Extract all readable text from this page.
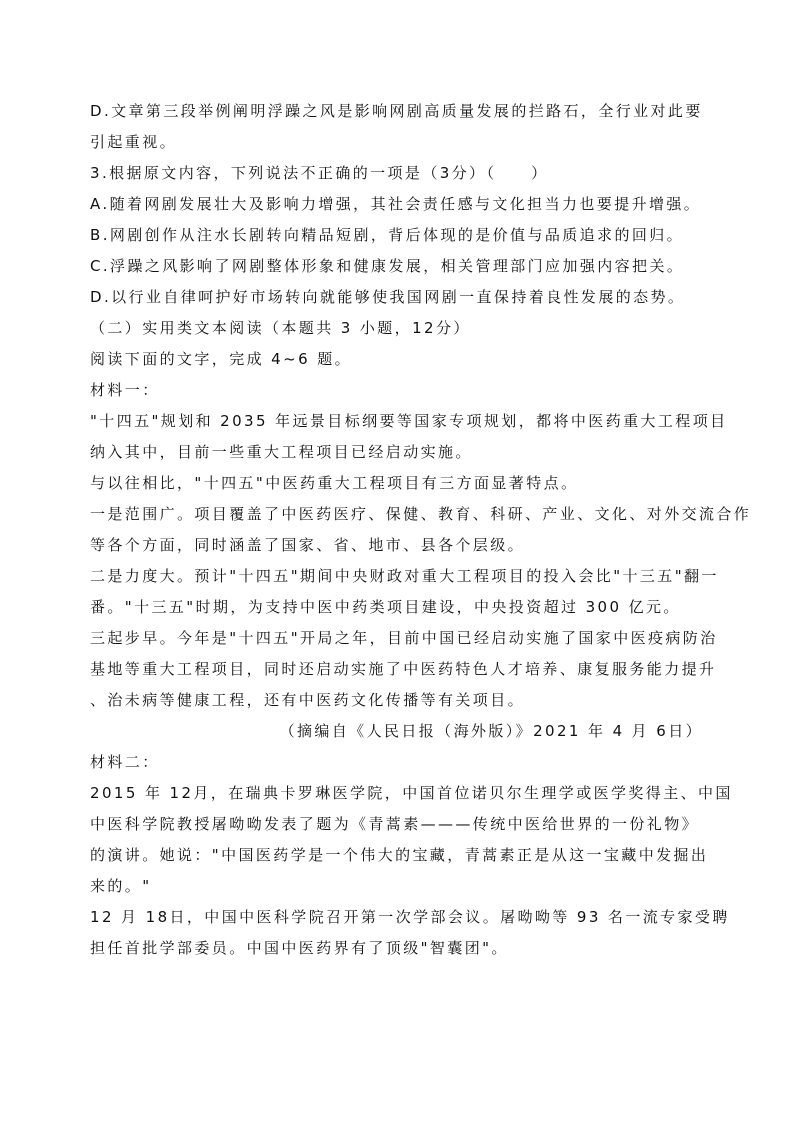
D.文章第三段举例阐明浮躁之风是影响网剧高质量发展的拦路石，全行业对此要
引起重视。
3.根据原文内容，下列说法不正确的一项是（3分）（　　）
A.随着网剧发展壮大及影响力增强，其社会责任感与文化担当力也要提升增强。
B.网剧创作从注水长剧转向精品短剧，背后体现的是价值与品质追求的回归。
C.浮躁之风影响了网剧整体形象和健康发展，相关管理部门应加强内容把关。
D.以行业自律呵护好市场转向就能够使我国网剧一直保持着良性发展的态势。
（二）实用类文本阅读（本题共 3 小题，12分）
阅读下面的文字，完成 4~6 题。
材料一：
"十四五"规划和 2035 年远景目标纲要等国家专项规划，都将中医药重大工程项目
纳入其中，目前一些重大工程项目已经启动实施。
与以往相比，"十四五"中医药重大工程项目有三方面显著特点。
一是范围广。项目覆盖了中医药医疗、保健、教育、科研、产业、文化、对外交流合作
等各个方面，同时涵盖了国家、省、地市、县各个层级。
二是力度大。预计"十四五"期间中央财政对重大工程项目的投入会比"十三五"翻一
番。"十三五"时期，为支持中医中药类项目建设，中央投资超过 300 亿元。
三起步早。今年是"十四五"开局之年，目前中国已经启动实施了国家中医疫病防治
基地等重大工程项目，同时还启动实施了中医药特色人才培养、康复服务能力提升
、治未病等健康工程，还有中医药文化传播等有关项目。
（摘编自《人民日报（海外版）》2021 年 4 月 6日）
材料二：
2015 年 12月，在瑞典卡罗琳医学院，中国首位诺贝尔生理学或医学奖得主、中国
中医科学院教授屠呦呦发表了题为《青蒿素———传统中医给世界的一份礼物》
的演讲。她说："中国医药学是一个伟大的宝藏，青蒿素正是从这一宝藏中发掘出
来的。"
12 月 18日，中国中医科学院召开第一次学部会议。屠呦呦等 93 名一流专家受聘
担任首批学部委员。中国中医药界有了顶级"智囊团"。
